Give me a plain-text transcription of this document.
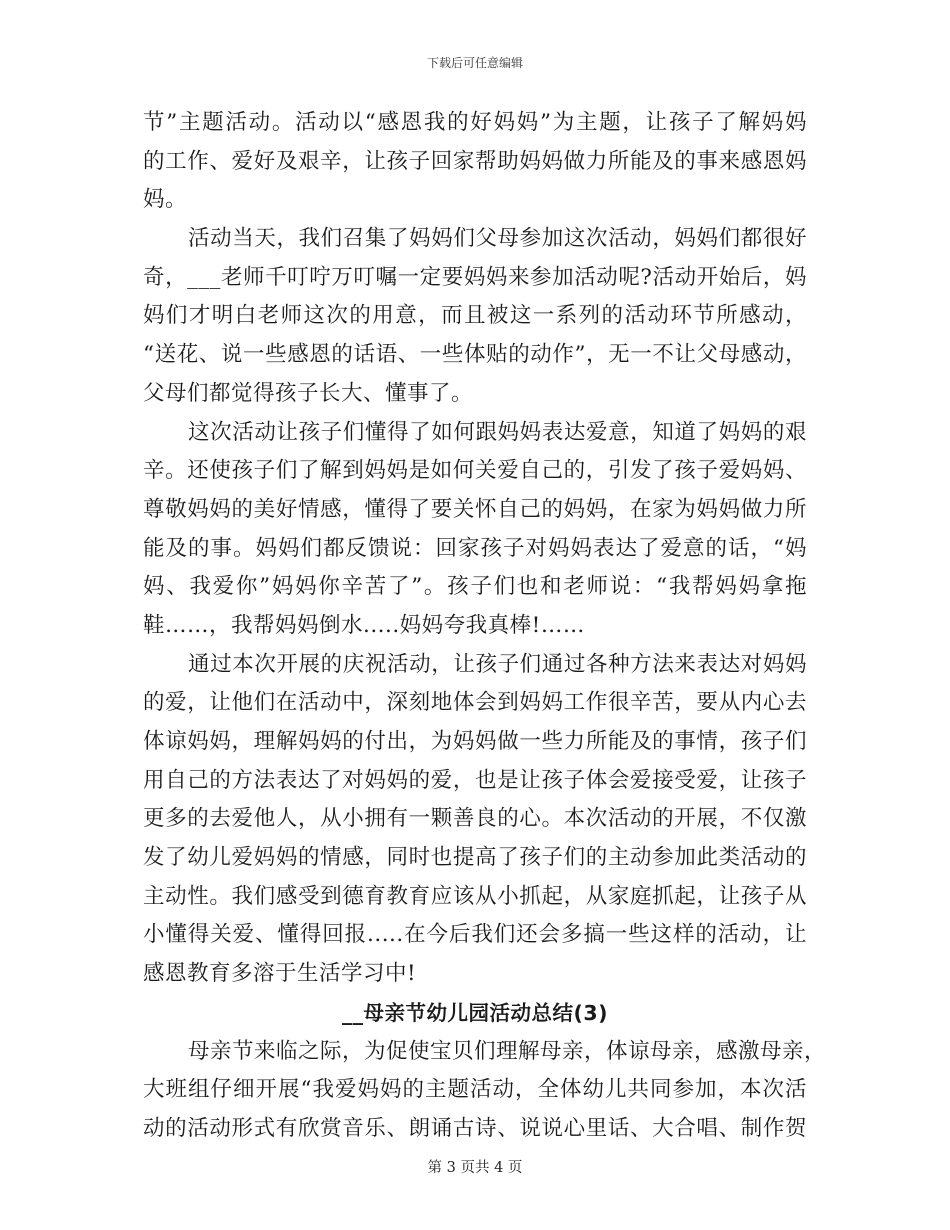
下载后可任意编辑
节”主题活动。活动以“感恩我的好妈妈”为主题，让孩子了解妈妈
的工作、爱好及艰辛，让孩子回家帮助妈妈做力所能及的事来感恩妈
妈。
活动当天，我们召集了妈妈们父母参加这次活动，妈妈们都很好
奇，___老师千叮咛万叮嘱一定要妈妈来参加活动呢?活动开始后，妈
妈们才明白老师这次的用意，而且被这一系列的活动环节所感动，
“送花、说一些感恩的话语、一些体贴的动作”，无一不让父母感动，
父母们都觉得孩子长大、懂事了。
这次活动让孩子们懂得了如何跟妈妈表达爱意，知道了妈妈的艰
辛。还使孩子们了解到妈妈是如何关爱自己的，引发了孩子爱妈妈、
尊敬妈妈的美好情感，懂得了要关怀自己的妈妈，在家为妈妈做力所
能及的事。妈妈们都反馈说：回家孩子对妈妈表达了爱意的话，“妈
妈、我爱你”妈妈你辛苦了”。孩子们也和老师说：“我帮妈妈拿拖
鞋……，我帮妈妈倒水.....妈妈夸我真棒!……
通过本次开展的庆祝活动，让孩子们通过各种方法来表达对妈妈
的爱，让他们在活动中，深刻地体会到妈妈工作很辛苦，要从内心去
体谅妈妈，理解妈妈的付出，为妈妈做一些力所能及的事情，孩子们
用自己的方法表达了对妈妈的爱，也是让孩子体会爱接受爱，让孩子
更多的去爱他人，从小拥有一颗善良的心。本次活动的开展，不仅激
发了幼儿爱妈妈的情感，同时也提高了孩子们的主动参加此类活动的
主动性。我们感受到德育教育应该从小抓起，从家庭抓起，让孩子从
小懂得关爱、懂得回报.....在今后我们还会多搞一些这样的活动，让
感恩教育多溶于生活学习中!
__母亲节幼儿园活动总结(3)
母亲节来临之际，为促使宝贝们理解母亲，体谅母亲，感激母亲，
大班组仔细开展“我爱妈妈的主题活动，全体幼儿共同参加，本次活
动的活动形式有欣赏音乐、朗诵古诗、说说心里话、大合唱、制作贺
第 3 页共 4 页
